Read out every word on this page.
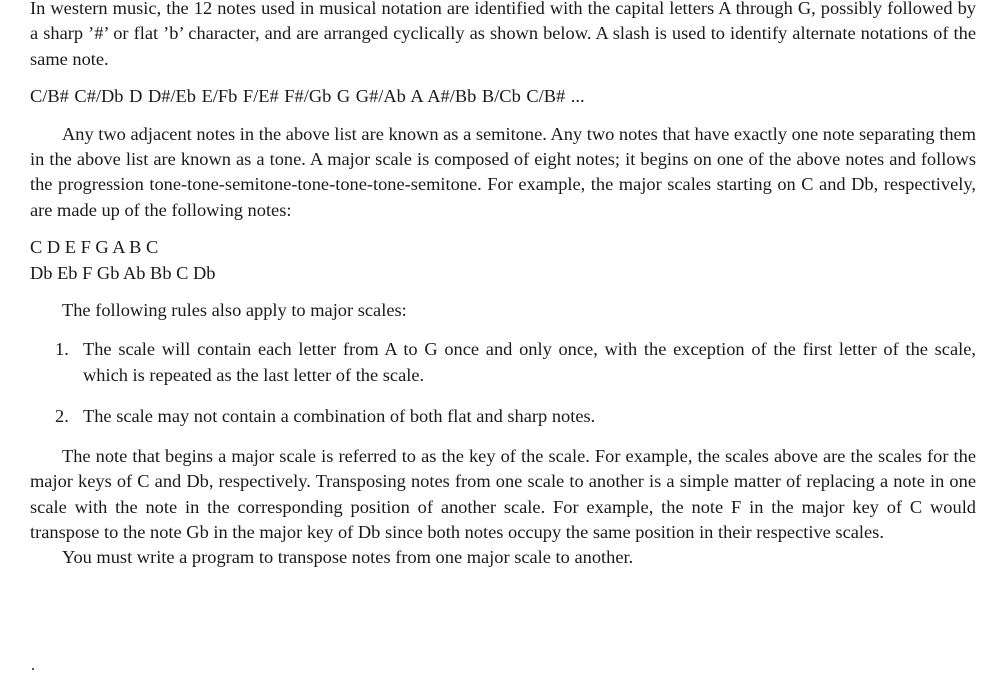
In western music, the 12 notes used in musical notation are identified with the capital letters A through G, possibly followed by a sharp ’#’ or flat ’b’ character, and are arranged cyclically as shown below. A slash is used to identify alternate notations of the same note.

C/B# C#/Db D D#/Eb E/Fb F/E# F#/Gb G G#/Ab A A#/Bb B/Cb C/B# ...

Any two adjacent notes in the above list are known as a semitone. Any two notes that have exactly one note separating them in the above list are known as a tone. A major scale is composed of eight notes; it begins on one of the above notes and follows the progression tone-tone-semitone-tone-tone-tone-semitone. For example, the major scales starting on C and Db, respectively, are made up of the following notes:

C D E F G A B C
Db Eb F Gb Ab Bb C Db

The following rules also apply to major scales:

1. The scale will contain each letter from A to G once and only once, with the exception of the first letter of the scale, which is repeated as the last letter of the scale.
2. The scale may not contain a combination of both flat and sharp notes.

The note that begins a major scale is referred to as the key of the scale. For example, the scales above are the scales for the major keys of C and Db, respectively. Transposing notes from one scale to another is a simple matter of replacing a note in one scale with the note in the corresponding position of another scale. For example, the note F in the major key of C would transpose to the note Gb in the major key of Db since both notes occupy the same position in their respective scales.

You must write a program to transpose notes from one major scale to another.
